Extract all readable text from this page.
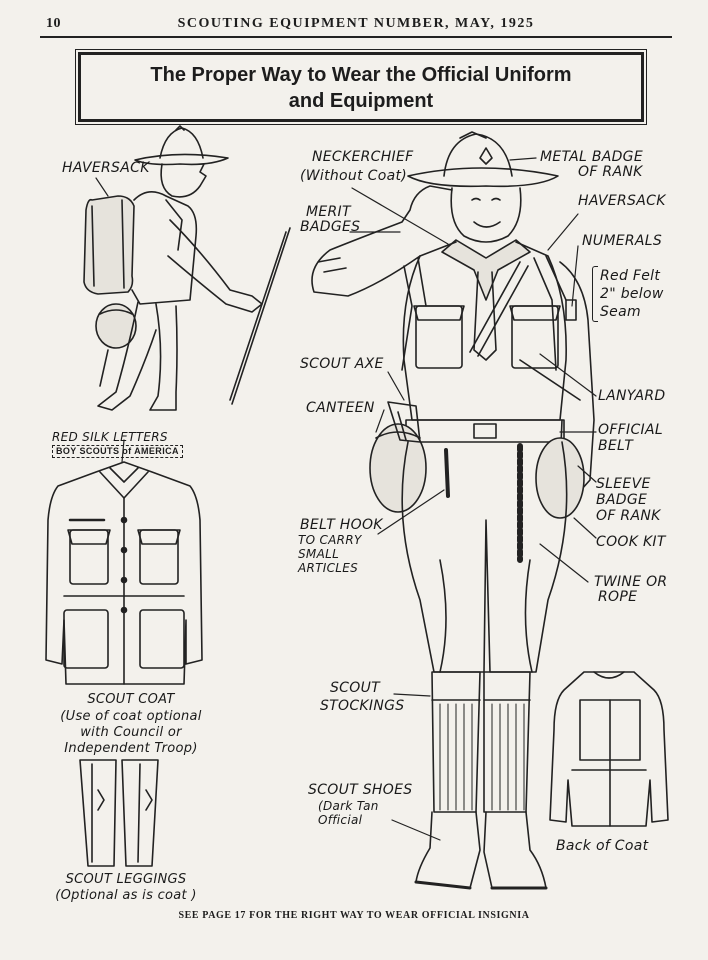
10	SCOUTING EQUIPMENT NUMBER, MAY, 1925
The Proper Way to Wear the Official Uniform
and Equipment
HAVERSACK
NECKERCHIEF
(Without Coat)
METAL BADGE
OF RANK
MERIT
BADGES
HAVERSACK
NUMERALS
Red Felt
2" below
Seam
SCOUT AXE
CANTEEN
LANYARD
OFFICIAL
BELT
SLEEVE
BADGE
OF RANK
COOK KIT
BELT HOOK
TO CARRY
SMALL
ARTICLES
TWINE OR
ROPE
RED SILK LETTERS
BOY SCOUTS of AMERICA
SCOUT
STOCKINGS
SCOUT SHOES
(Dark Tan
Official
SCOUT COAT
(Use of coat optional
with Council or
Independent Troop)
SCOUT LEGGINGS
(Optional as is coat )
Back of Coat
SEE PAGE 17 FOR THE RIGHT WAY TO WEAR OFFICIAL INSIGNIA
